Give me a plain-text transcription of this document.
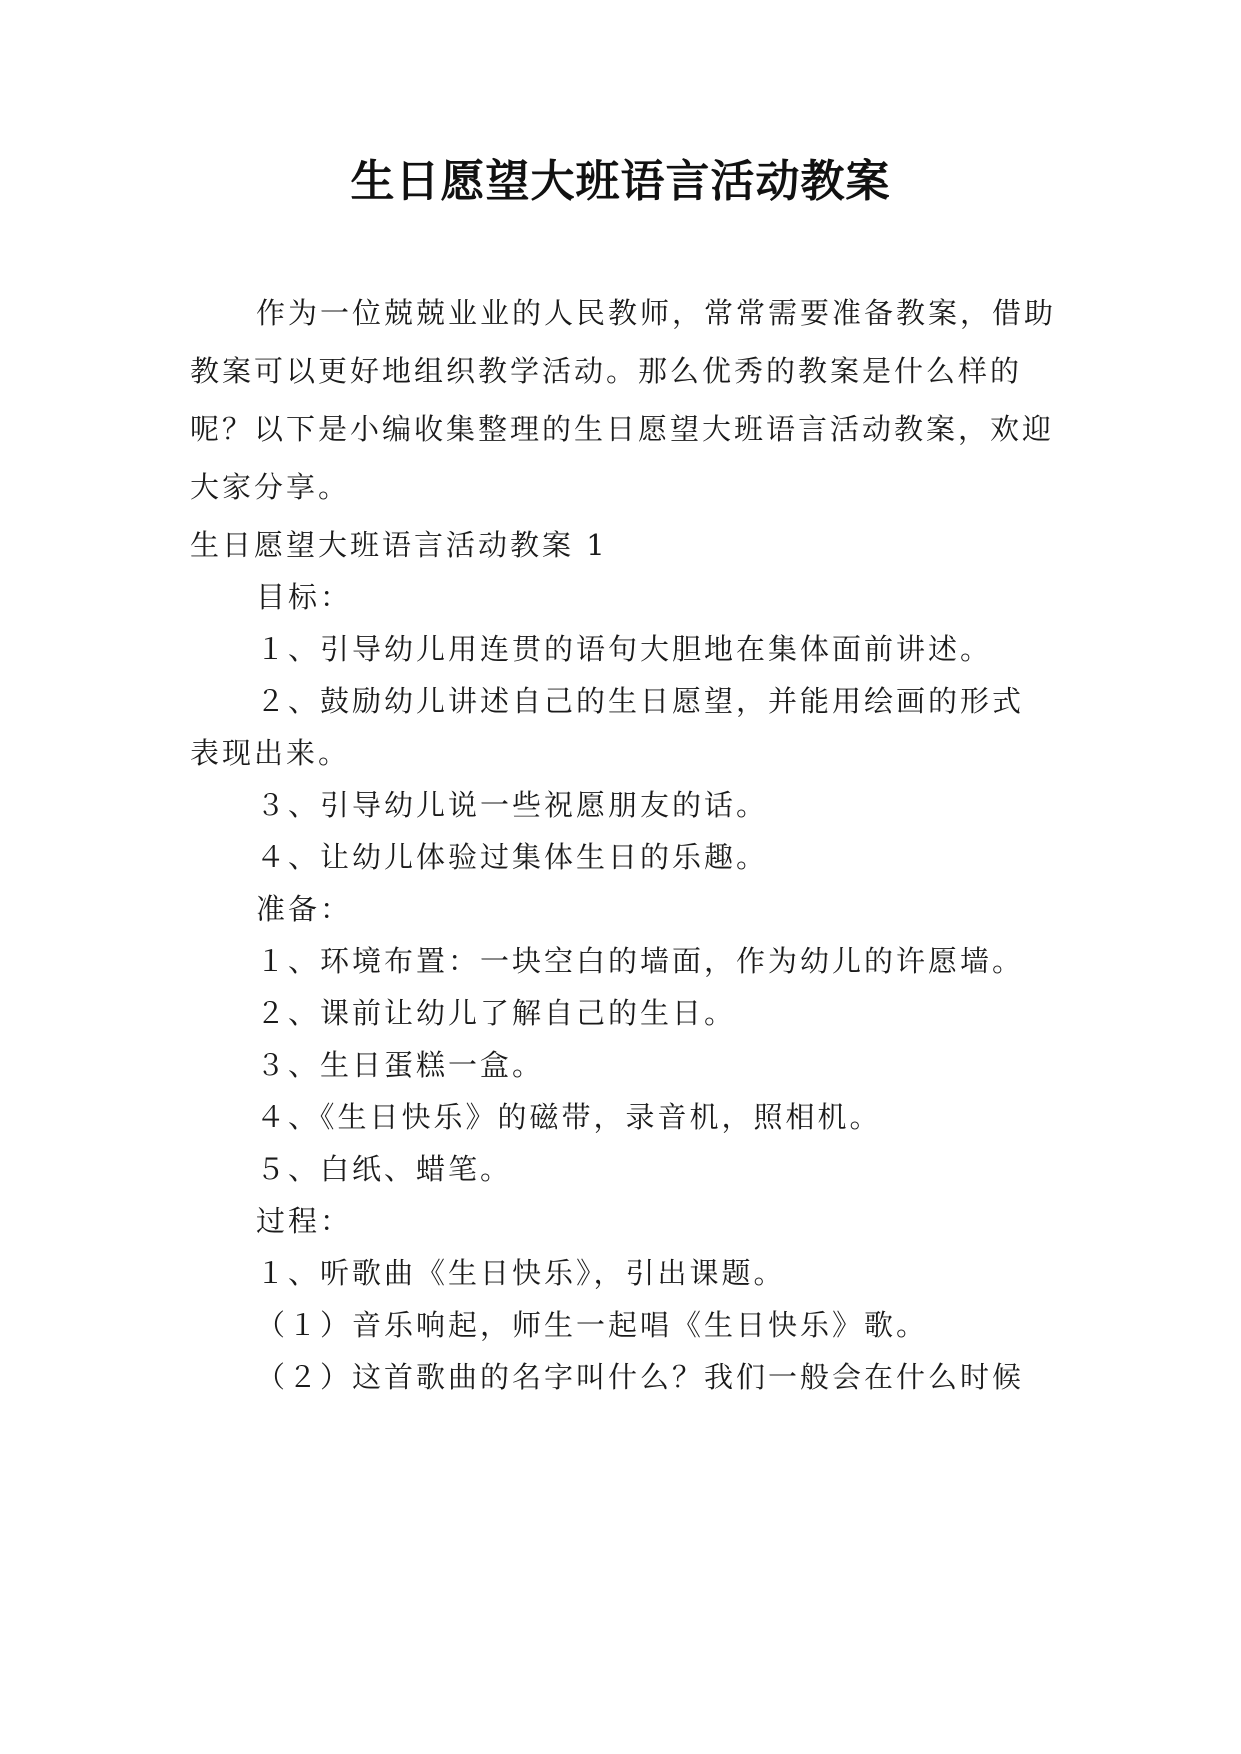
生日愿望大班语言活动教案
作为一位兢兢业业的人民教师，常常需要准备教案，借助教案可以更好地组织教学活动。那么优秀的教案是什么样的呢？以下是小编收集整理的生日愿望大班语言活动教案，欢迎大家分享。
生日愿望大班语言活动教案 1
目标：
１、引导幼儿用连贯的语句大胆地在集体面前讲述。
２、鼓励幼儿讲述自己的生日愿望，并能用绘画的形式
表现出来。
３、引导幼儿说一些祝愿朋友的话。
４、让幼儿体验过集体生日的乐趣。
准备：
１、环境布置：一块空白的墙面，作为幼儿的许愿墙。
２、课前让幼儿了解自己的生日。
３、生日蛋糕一盒。
４、《生日快乐》的磁带，录音机，照相机。
５、白纸、蜡笔。
过程：
１、听歌曲《生日快乐》，引出课题。
（１）音乐响起，师生一起唱《生日快乐》歌。
（２）这首歌曲的名字叫什么？我们一般会在什么时候
